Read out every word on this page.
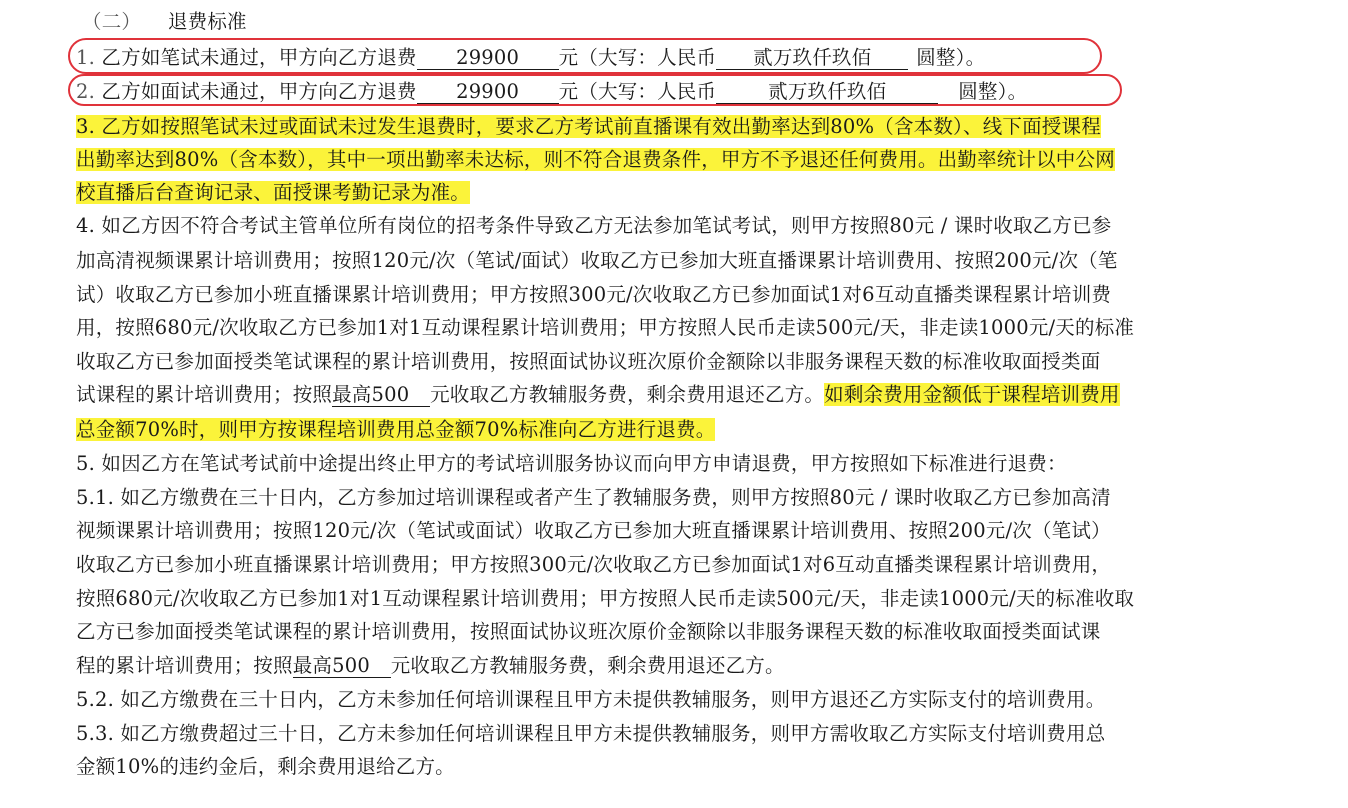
（二） 退费标准
1. 乙方如笔试未通过，甲方向乙方退费 29900 元（大写：人民币 贰万玖仟玖佰 圆整）。
2. 乙方如面试未通过，甲方向乙方退费 29900 元（大写：人民币	贰万玖仟玖佰	圆整）。
3. 乙方如按照笔试未过或面试未过发生退费时，要求乙方考试前直播课有效出勤率达到80%（含本数）、线下面授课程
出勤率达到80%（含本数），其中一项出勤率未达标，则不符合退费条件，甲方不予退还任何费用。出勤率统计以中公网
校直播后台查询记录、面授课考勤记录为准。
4. 如乙方因不符合考试主管单位所有岗位的招考条件导致乙方无法参加笔试考试，则甲方按照80元 / 课时收取乙方已参
加高清视频课累计培训费用；按照120元/次（笔试/面试）收取乙方已参加大班直播课累计培训费用、按照200元/次（笔
试）收取乙方已参加小班直播课累计培训费用；甲方按照300元/次收取乙方已参加面试1对6互动直播类课程累计培训费
用，按照680元/次收取乙方已参加1对1互动课程累计培训费用；甲方按照人民币走读500元/天，非走读1000元/天的标准
收取乙方已参加面授类笔试课程的累计培训费用，按照面试协议班次原价金额除以非服务课程天数的标准收取面授类面
试课程的累计培训费用；按照最高500 元收取乙方教辅服务费，剩余费用退还乙方。如剩余费用金额低于课程培训费用
总金额70%时，则甲方按课程培训费用总金额70%标准向乙方进行退费。
5. 如因乙方在笔试考试前中途提出终止甲方的考试培训服务协议而向甲方申请退费，甲方按照如下标准进行退费：
5.1. 如乙方缴费在三十日内，乙方参加过培训课程或者产生了教辅服务费，则甲方按照80元 / 课时收取乙方已参加高清
视频课累计培训费用；按照120元/次（笔试或面试）收取乙方已参加大班直播课累计培训费用、按照200元/次（笔试）
收取乙方已参加小班直播课累计培训费用；甲方按照300元/次收取乙方已参加面试1对6互动直播类课程累计培训费用，
按照680元/次收取乙方已参加1对1互动课程累计培训费用；甲方按照人民币走读500元/天，非走读1000元/天的标准收取
乙方已参加面授类笔试课程的累计培训费用，按照面试协议班次原价金额除以非服务课程天数的标准收取面授类面试课
程的累计培训费用；按照最高500 元收取乙方教辅服务费，剩余费用退还乙方。
5.2. 如乙方缴费在三十日内，乙方未参加任何培训课程且甲方未提供教辅服务，则甲方退还乙方实际支付的培训费用。
5.3. 如乙方缴费超过三十日，乙方未参加任何培训课程且甲方未提供教辅服务，则甲方需收取乙方实际支付培训费用总
金额10%的违约金后，剩余费用退给乙方。
